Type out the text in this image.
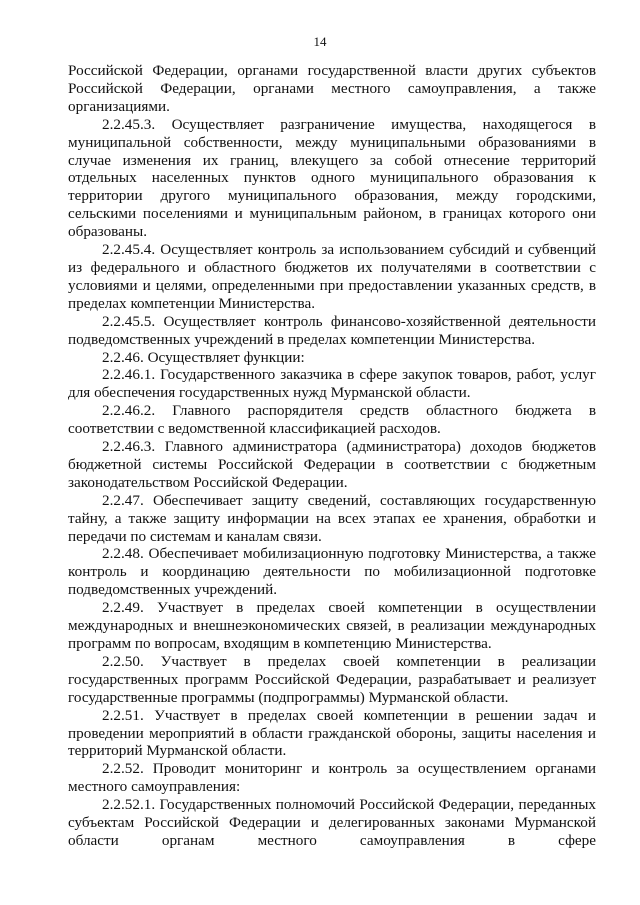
14

Российской Федерации, органами государственной власти других субъектов Российской Федерации, органами местного самоуправления, а также организациями.

2.2.45.3. Осуществляет разграничение имущества, находящегося в муниципальной собственности, между муниципальными образованиями в случае изменения их границ, влекущего за собой отнесение территорий отдельных населенных пунктов одного муниципального образования к территории другого муниципального образования, между городскими, сельскими поселениями и муниципальным районом, в границах которого они образованы.

2.2.45.4. Осуществляет контроль за использованием субсидий и субвенций из федерального и областного бюджетов их получателями в соответствии с условиями и целями, определенными при предоставлении указанных средств, в пределах компетенции Министерства.

2.2.45.5. Осуществляет контроль финансово-хозяйственной деятельности подведомственных учреждений в пределах компетенции Министерства.

2.2.46. Осуществляет функции:

2.2.46.1. Государственного заказчика в сфере закупок товаров, работ, услуг для обеспечения государственных нужд Мурманской области.

2.2.46.2. Главного распорядителя средств областного бюджета в соответствии с ведомственной классификацией расходов.

2.2.46.3. Главного администратора (администратора) доходов бюджетов бюджетной системы Российской Федерации в соответствии с бюджетным законодательством Российской Федерации.

2.2.47. Обеспечивает защиту сведений, составляющих государственную тайну, а также защиту информации на всех этапах ее хранения, обработки и передачи по системам и каналам связи.

2.2.48. Обеспечивает мобилизационную подготовку Министерства, а также контроль и координацию деятельности по мобилизационной подготовке подведомственных учреждений.

2.2.49. Участвует в пределах своей компетенции в осуществлении международных и внешнеэкономических связей, в реализации международных программ по вопросам, входящим в компетенцию Министерства.

2.2.50. Участвует в пределах своей компетенции в реализации государственных программ Российской Федерации, разрабатывает и реализует государственные программы (подпрограммы) Мурманской области.

2.2.51. Участвует в пределах своей компетенции в решении задач и проведении мероприятий в области гражданской обороны, защиты населения и территорий Мурманской области.

2.2.52. Проводит мониторинг и контроль за осуществлением органами местного самоуправления:

2.2.52.1. Государственных полномочий Российской Федерации, переданных субъектам Российской Федерации и делегированных законами Мурманской области органам местного самоуправления в сфере
